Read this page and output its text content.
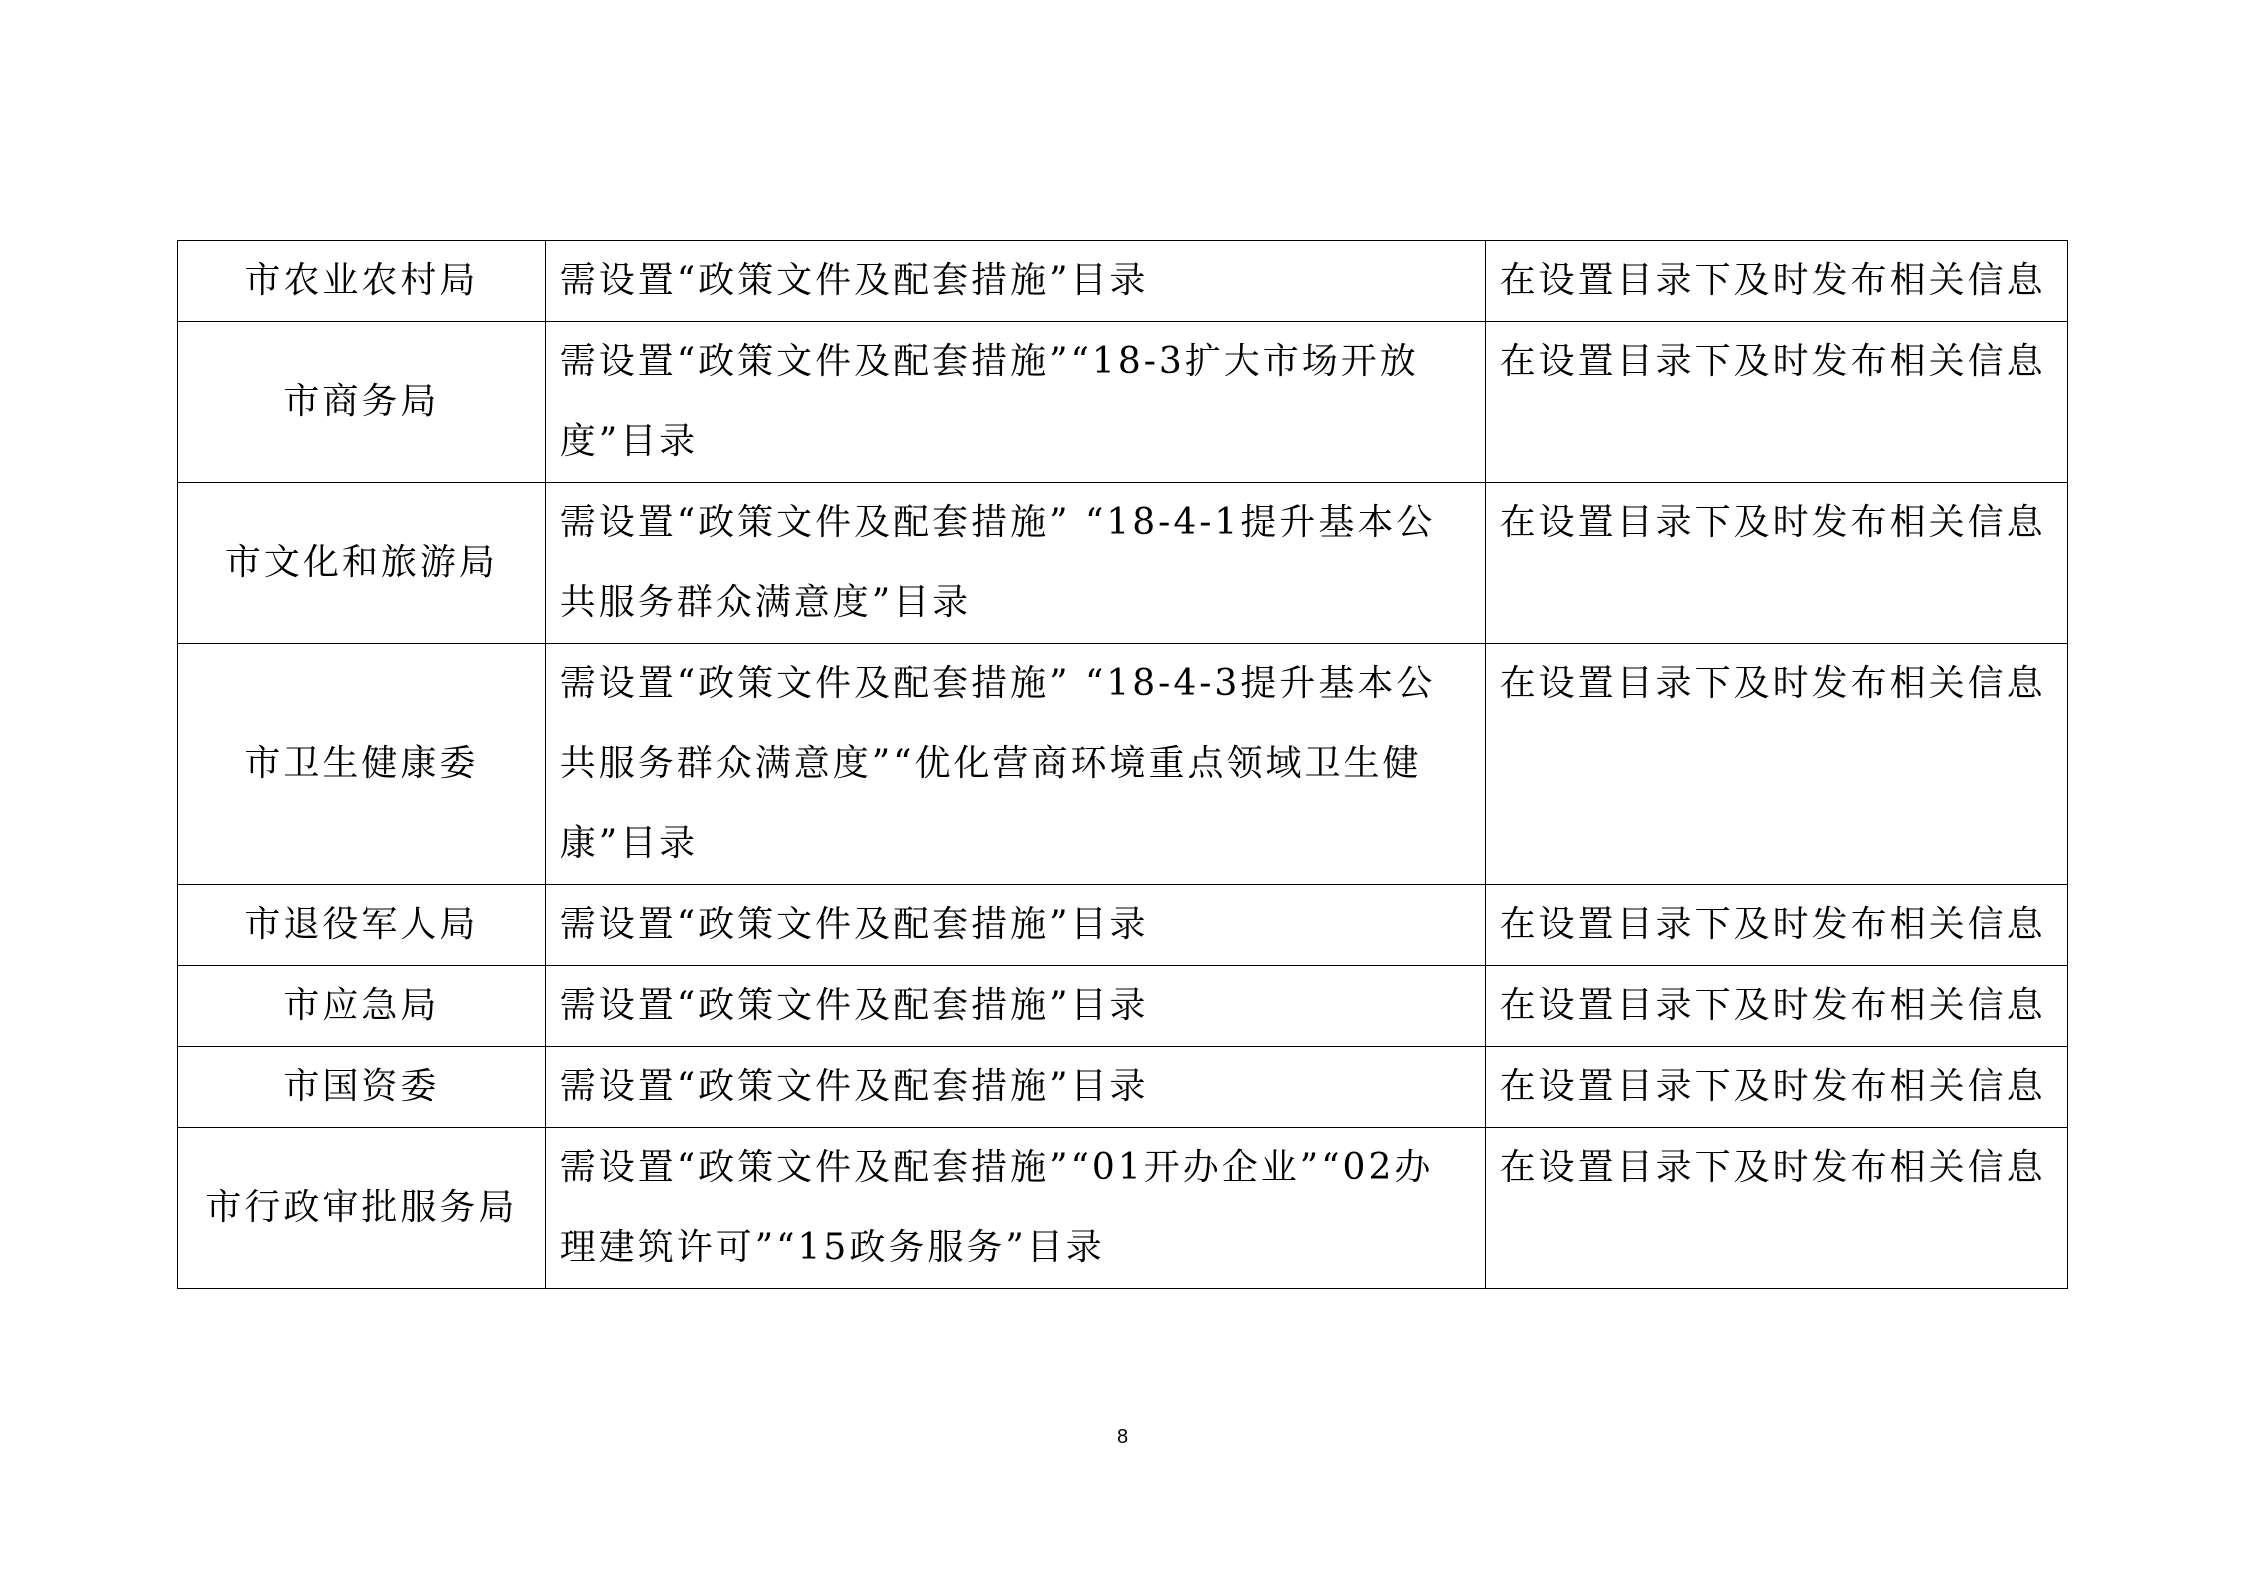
市农业农村局	需设置“政策文件及配套措施”目录	在设置目录下及时发布相关信息

市商务局	需设置“政策文件及配套措施”“18-3扩大市场开放度”目录	在设置目录下及时发布相关信息

市文化和旅游局	需设置“政策文件及配套措施” “18-4-1提升基本公共服务群众满意度”目录	在设置目录下及时发布相关信息

市卫生健康委	需设置“政策文件及配套措施” “18-4-3提升基本公共服务群众满意度”“优化营商环境重点领域卫生健康”目录	在设置目录下及时发布相关信息

市退役军人局	需设置“政策文件及配套措施”目录	在设置目录下及时发布相关信息

市应急局	需设置“政策文件及配套措施”目录	在设置目录下及时发布相关信息

市国资委	需设置“政策文件及配套措施”目录	在设置目录下及时发布相关信息

市行政审批服务局	需设置“政策文件及配套措施”“01开办企业”“02办理建筑许可”“15政务服务”目录	在设置目录下及时发布相关信息
8
